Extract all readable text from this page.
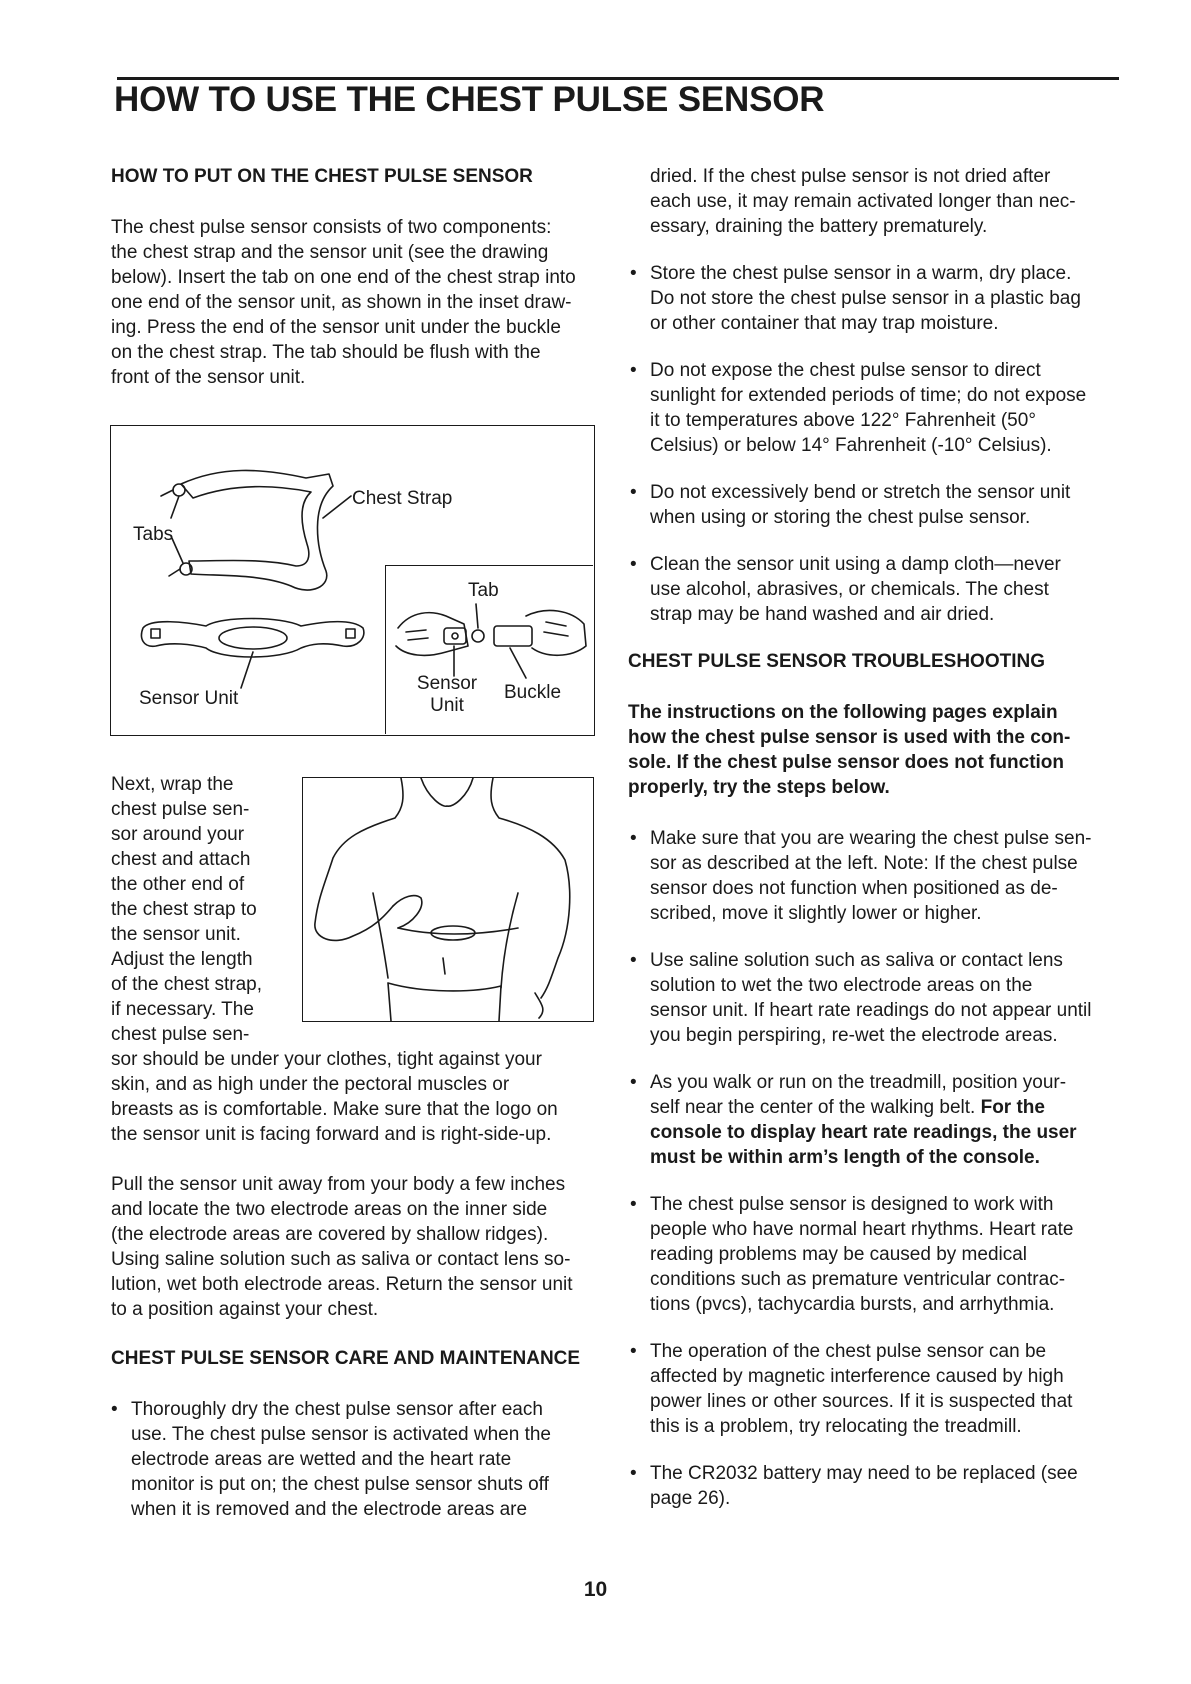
HOW TO USE THE CHEST PULSE SENSOR

HOW TO PUT ON THE CHEST PULSE SENSOR

The chest pulse sensor consists of two components:

the chest strap and the sensor unit (see the drawing

below). Insert the tab on one end of the chest strap into

one end of the sensor unit, as shown in the inset draw-

ing. Press the end of the sensor unit under the buckle

on the chest strap. The tab should be flush with the

front of the sensor unit.

Chest Strap
Tabs
Sensor Unit
Tab
Sensor
Unit
Buckle

Next, wrap the

chest pulse sen-

sor around your

chest and attach

the other end of

the chest strap to

the sensor unit.

Adjust the length

of the chest strap,

if necessary. The

chest pulse sen-

sor should be under your clothes, tight against your

skin, and as high under the pectoral muscles or

breasts as is comfortable. Make sure that the logo on

the sensor unit is facing forward and is right-side-up.

Pull the sensor unit away from your body a few inches

and locate the two electrode areas on the inner side

(the electrode areas are covered by shallow ridges).

Using saline solution such as saliva or contact lens so-

lution, wet both electrode areas. Return the sensor unit

to a position against your chest.

CHEST PULSE SENSOR CARE AND MAINTENANCE

• Thoroughly dry the chest pulse sensor after each

use. The chest pulse sensor is activated when the

electrode areas are wetted and the heart rate

monitor is put on; the chest pulse sensor shuts off

when it is removed and the electrode areas are

dried. If the chest pulse sensor is not dried after

each use, it may remain activated longer than nec-

essary, draining the battery prematurely.

• Store the chest pulse sensor in a warm, dry place.

Do not store the chest pulse sensor in a plastic bag

or other container that may trap moisture.

• Do not expose the chest pulse sensor to direct

sunlight for extended periods of time; do not expose

it to temperatures above 122° Fahrenheit (50°

Celsius) or below 14° Fahrenheit (-10° Celsius).

• Do not excessively bend or stretch the sensor unit

when using or storing the chest pulse sensor.

• Clean the sensor unit using a damp cloth—never

use alcohol, abrasives, or chemicals. The chest

strap may be hand washed and air dried.

CHEST PULSE SENSOR TROUBLESHOOTING

The instructions on the following pages explain

how the chest pulse sensor is used with the con-

sole. If the chest pulse sensor does not function

properly, try the steps below.

• Make sure that you are wearing the chest pulse sen-

sor as described at the left. Note: If the chest pulse

sensor does not function when positioned as de-

scribed, move it slightly lower or higher.

• Use saline solution such as saliva or contact lens

solution to wet the two electrode areas on the

sensor unit. If heart rate readings do not appear until

you begin perspiring, re-wet the electrode areas.

• As you walk or run on the treadmill, position your-

self near the center of the walking belt. For the

console to display heart rate readings, the user

must be within arm’s length of the console.

• The chest pulse sensor is designed to work with

people who have normal heart rhythms. Heart rate

reading problems may be caused by medical

conditions such as premature ventricular contrac-

tions (pvcs), tachycardia bursts, and arrhythmia.

• The operation of the chest pulse sensor can be

affected by magnetic interference caused by high

power lines or other sources. If it is suspected that

this is a problem, try relocating the treadmill.

• The CR2032 battery may need to be replaced (see

page 26).

10
